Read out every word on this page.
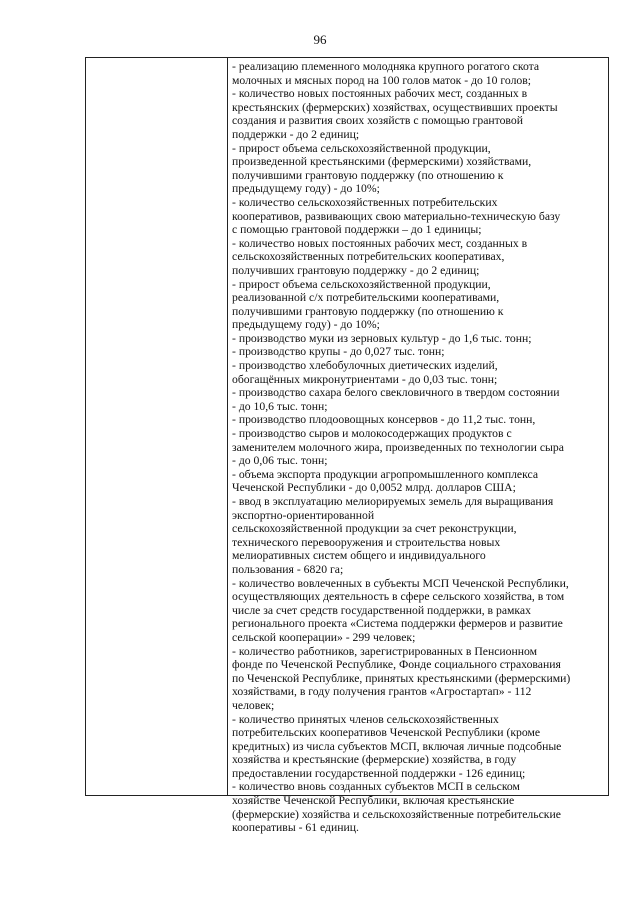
96
- реализацию племенного молодняка крупного рогатого скота
молочных и мясных пород на 100 голов маток - до 10 голов;
- количество новых постоянных рабочих мест, созданных в
крестьянских (фермерских) хозяйствах, осуществивших проекты
создания и развития своих хозяйств с помощью грантовой
поддержки - до 2 единиц;
- прирост объема сельскохозяйственной продукции,
произведенной крестьянскими (фермерскими) хозяйствами,
получившими грантовую поддержку (по отношению к
предыдущему году) - до 10%;
- количество сельскохозяйственных потребительских
кооперативов, развивающих свою материально-техническую базу
с помощью грантовой поддержки – до 1 единицы;
- количество новых постоянных рабочих мест, созданных в
сельскохозяйственных потребительских кооперативах,
получивших грантовую поддержку - до 2 единиц;
- прирост объема сельскохозяйственной продукции,
реализованной с/х потребительскими кооперативами,
получившими грантовую поддержку (по отношению к
предыдущему году) - до 10%;
- производство муки из зерновых культур - до 1,6 тыс. тонн;
- производство крупы - до 0,027 тыс. тонн;
- производство хлебобулочных диетических изделий,
обогащённых микронутриентами - до 0,03 тыс. тонн;
- производство сахара белого свекловичного в твердом состоянии
- до 10,6 тыс. тонн;
- производство плодоовощных консервов - до 11,2 тыс. тонн,
- производство сыров и молокосодержащих продуктов с
заменителем молочного жира, произведенных по технологии сыра
- до 0,06 тыс. тонн;
- объема экспорта продукции агропромышленного комплекса
Чеченской Республики - до 0,0052 млрд. долларов США;
- ввод в эксплуатацию мелиорируемых земель для выращивания
экспортно-ориентированной
сельскохозяйственной продукции за счет реконструкции,
технического перевооружения и строительства новых
мелиоративных систем общего и индивидуального
пользования - 6820 га;
- количество вовлеченных в субъекты МСП Чеченской Республики,
осуществляющих деятельность в сфере сельского хозяйства, в том
числе за счет средств государственной поддержки, в рамках
регионального проекта «Система поддержки фермеров и развитие
сельской кооперации» - 299 человек;
- количество работников, зарегистрированных в Пенсионном
фонде по Чеченской Республике, Фонде социального страхования
по Чеченской Республике, принятых крестьянскими (фермерскими)
хозяйствами, в году получения грантов «Агростартап» - 112
человек;
- количество принятых членов сельскохозяйственных
потребительских кооперативов Чеченской Республики (кроме
кредитных) из числа субъектов МСП, включая личные подсобные
хозяйства и крестьянские (фермерские) хозяйства, в году
предоставлении государственной поддержки - 126 единиц;
- количество вновь созданных субъектов МСП в сельском
хозяйстве Чеченской Республики, включая крестьянские
(фермерские) хозяйства и сельскохозяйственные потребительские
кооперативы - 61 единиц.
